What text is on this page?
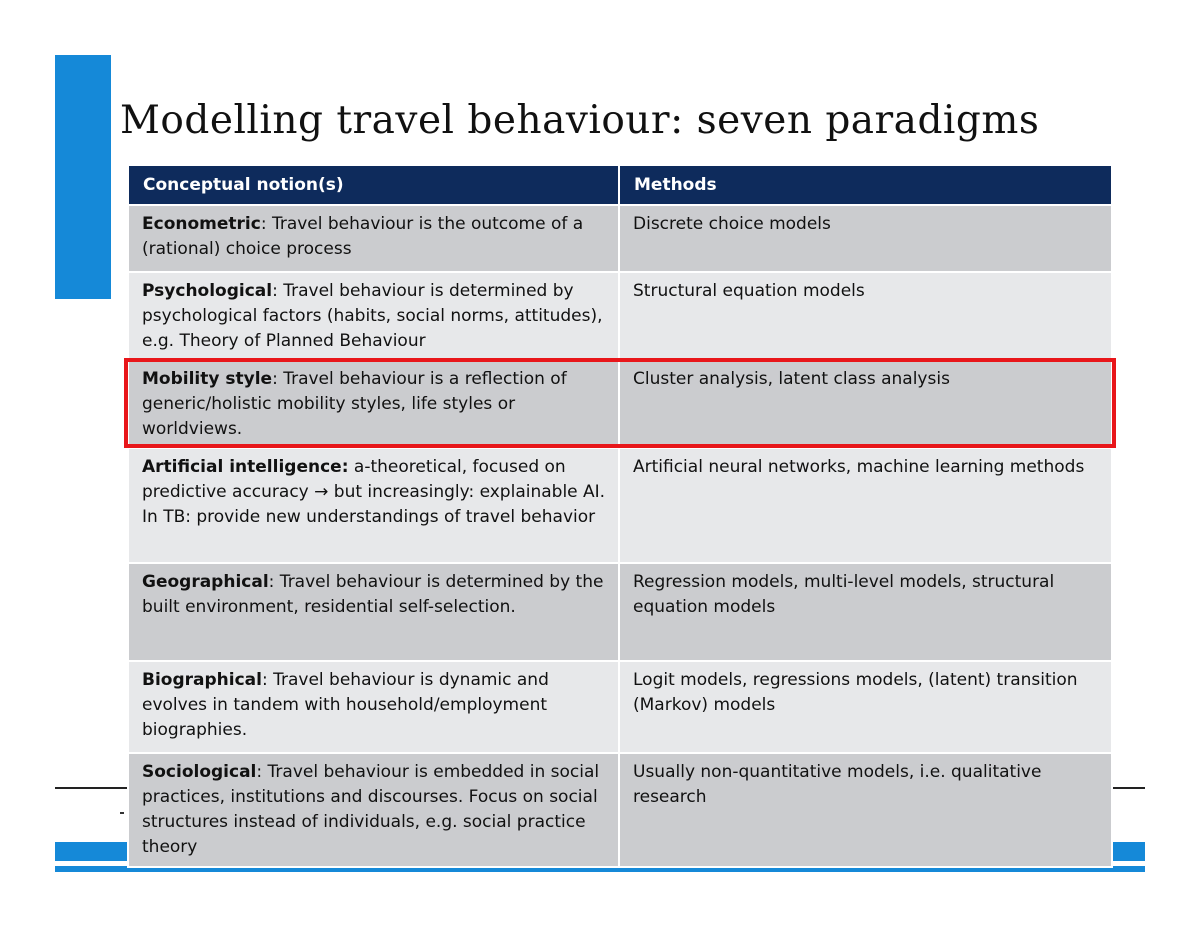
Modelling travel behaviour: seven paradigms
Conceptual notion(s)	Methods
Econometric: Travel behaviour is the outcome of a (rational) choice process	Discrete choice models
Psychological: Travel behaviour is determined by psychological factors (habits, social norms, attitudes), e.g. Theory of Planned Behaviour	Structural equation models
Mobility style: Travel behaviour is a reflection of generic/holistic mobility styles, life styles or worldviews.	Cluster analysis, latent class analysis
Artificial intelligence: a-theoretical, focused on predictive accuracy → but increasingly: explainable AI. In TB: provide new understandings of travel behavior	Artificial neural networks, machine learning methods
Geographical: Travel behaviour is determined by the built environment, residential self-selection.	Regression models, multi-level models, structural equation models
Biographical: Travel behaviour is dynamic and evolves in tandem with household/employment biographies.	Logit models, regressions models, (latent) transition (Markov) models
Sociological: Travel behaviour is embedded in social practices, institutions and discourses. Focus on social structures instead of individuals, e.g. social practice theory	Usually non-quantitative models, i.e. qualitative research
